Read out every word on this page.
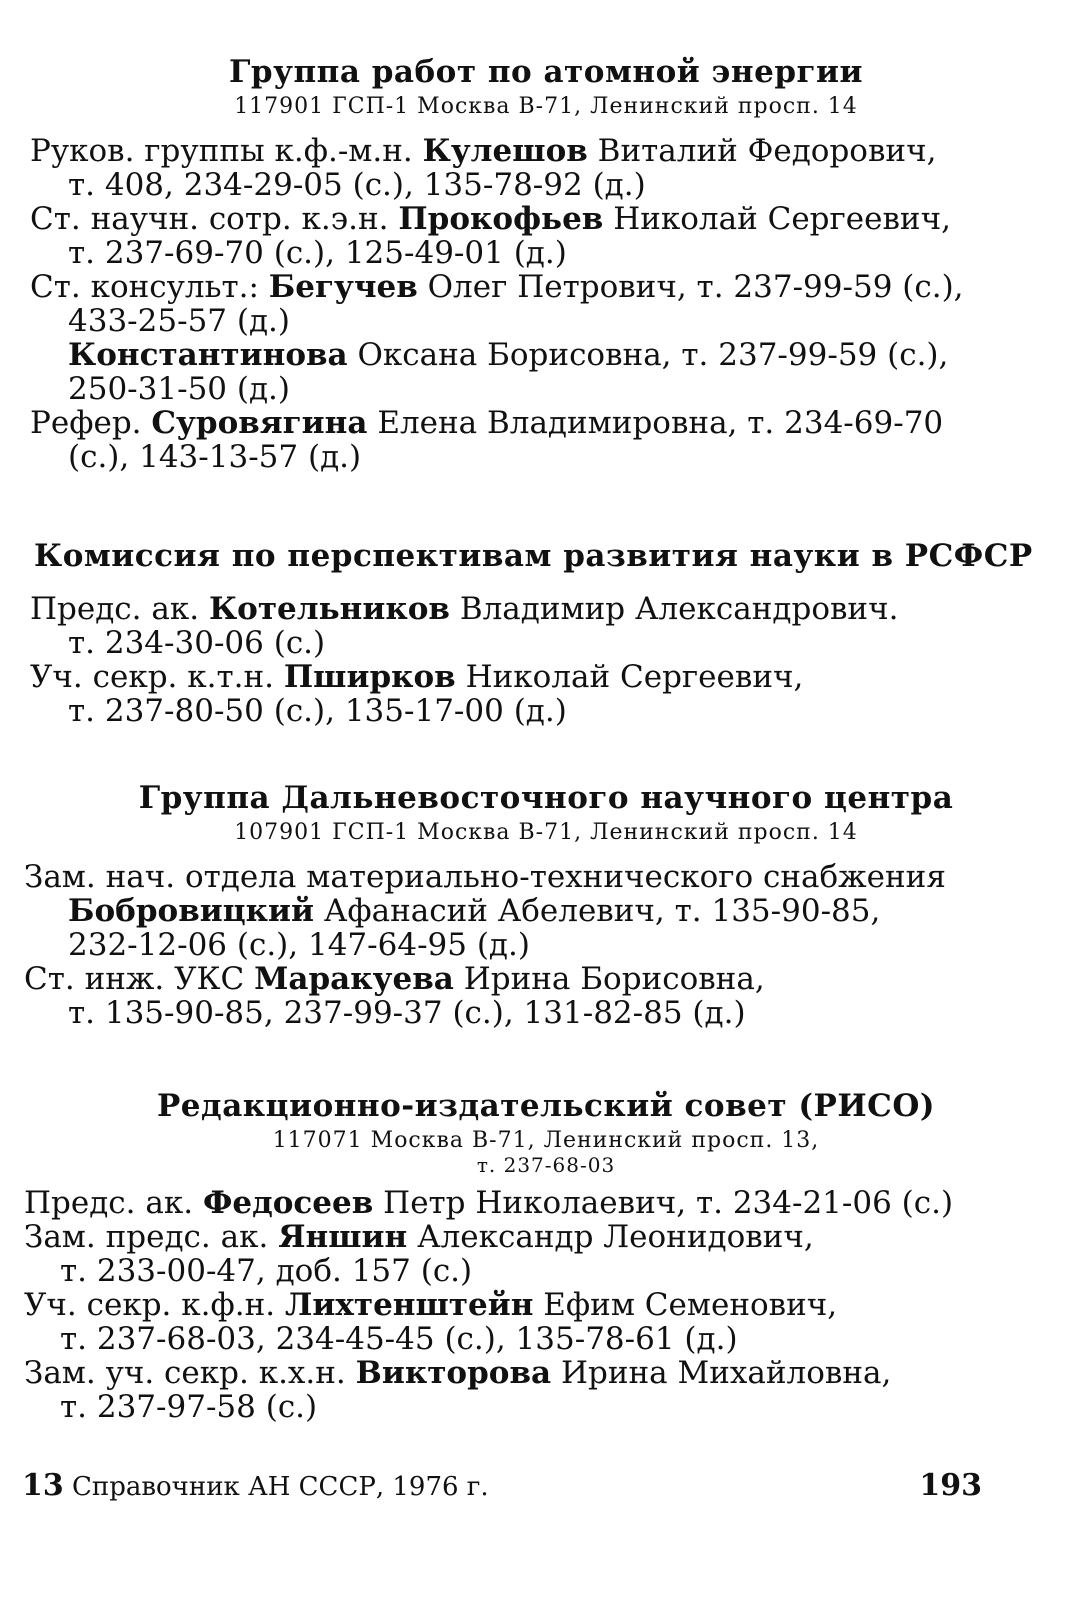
Группа работ по атомной энергии
117901 ГСП-1 Москва В-71, Ленинский просп. 14
Руков. группы к.ф.-м.н. Кулешов Виталий Федорович,
т. 408, 234-29-05 (с.), 135-78-92 (д.)
Ст. научн. сотр. к.э.н. Прокофьев Николай Сергеевич,
т. 237-69-70 (с.), 125-49-01 (д.)
Ст. консульт.: Бегучев Олег Петрович, т. 237-99-59 (с.),
433-25-57 (д.)
Константинова Оксана Борисовна, т. 237-99-59 (с.),
250-31-50 (д.)
Рефер. Суровягина Елена Владимировна, т. 234-69-70
(с.), 143-13-57 (д.)
Комиссия по перспективам развития науки в РСФСР
Предс. ак. Котельников Владимир Александрович.
т. 234-30-06 (с.)
Уч. секр. к.т.н. Пширков Николай Сергеевич,
т. 237-80-50 (с.), 135-17-00 (д.)
Группа Дальневосточного научного центра
107901 ГСП-1 Москва В-71, Ленинский просп. 14
Зам. нач. отдела материально-технического снабжения
Бобровицкий Афанасий Абелевич, т. 135-90-85,
232-12-06 (с.), 147-64-95 (д.)
Ст. инж. УКС Маракуева Ирина Борисовна,
т. 135-90-85, 237-99-37 (с.), 131-82-85 (д.)
Редакционно-издательский совет (РИСО)
117071 Москва В-71, Ленинский просп. 13,
т. 237-68-03
Предс. ак. Федосеев Петр Николаевич, т. 234-21-06 (с.)
Зам. предс. ак. Яншин Александр Леонидович,
т. 233-00-47, доб. 157 (с.)
Уч. секр. к.ф.н. Лихтенштейн Ефим Семенович,
т. 237-68-03, 234-45-45 (с.), 135-78-61 (д.)
Зам. уч. секр. к.х.н. Викторова Ирина Михайловна,
т. 237-97-58 (с.)
13 Справочник АН СССР, 1976 г.	193
